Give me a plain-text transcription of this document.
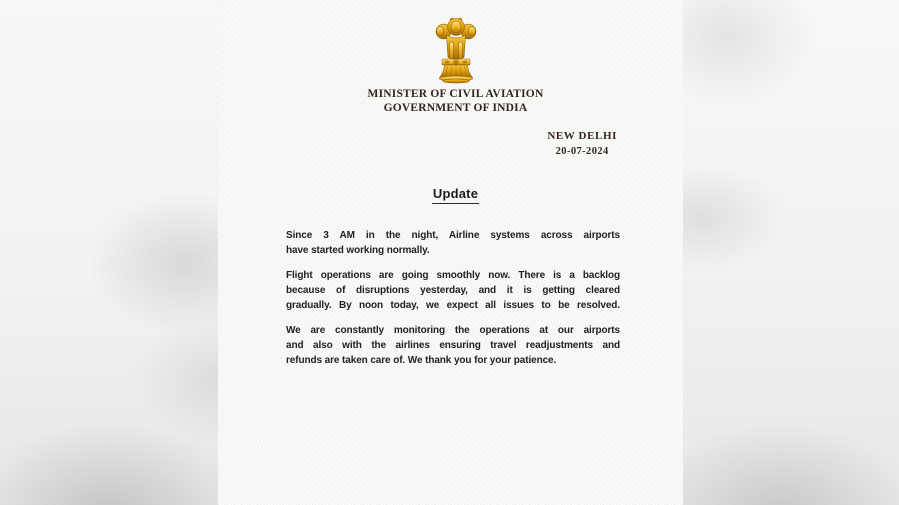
MINISTER OF CIVIL AVIATION
GOVERNMENT OF INDIA
NEW DELHI
20-07-2024
Update
Since 3 AM in the night, Airline systems across airports
have started working normally.
Flight operations are going smoothly now. There is a backlog
because of disruptions yesterday, and it is getting cleared
gradually. By noon today, we expect all issues to be resolved.
We are constantly monitoring the operations at our airports
and also with the airlines ensuring travel readjustments and
refunds are taken care of. We thank you for your patience.
